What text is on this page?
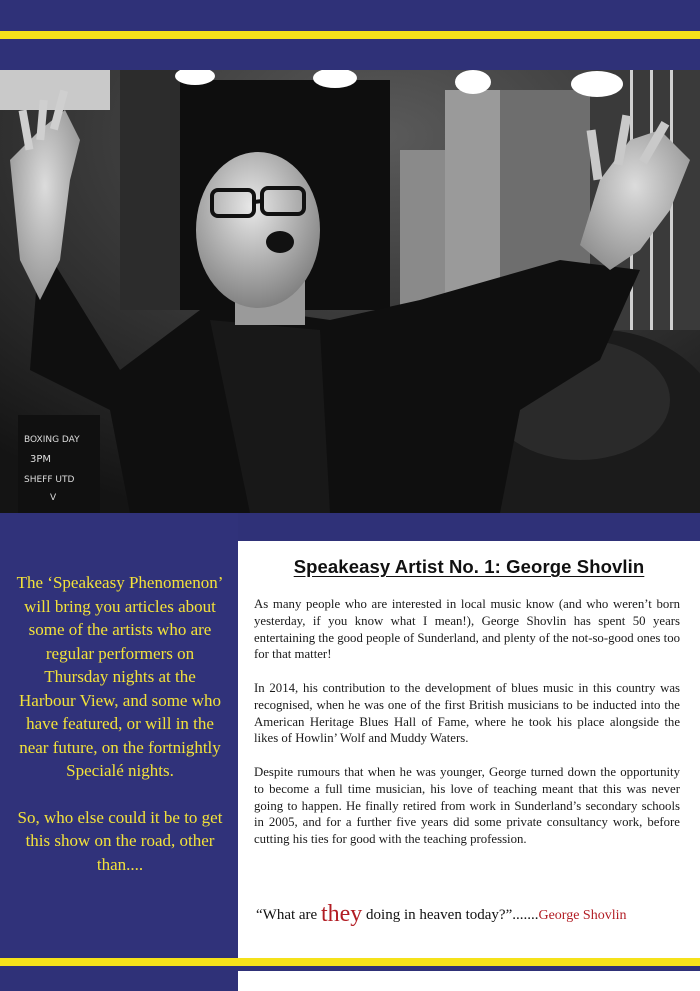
BOXING DAY
3PM
SHEFF UTD
V

The ‘Speakeasy Phenomenon’ will bring you articles about some of the artists who are regular performers on Thursday nights at the Harbour View, and some who have featured, or will in the near future, on the fortnightly Specialé nights.

So, who else could it be to get this show on the road, other than....

Speakeasy Artist No. 1: George Shovlin

As many people who are interested in local music know (and who weren’t born yesterday, if you know what I mean!), George Shovlin has spent 50 years entertaining the good people of Sunderland, and plenty of the not-so-good ones too for that matter!

In 2014, his contribution to the development of blues music in this country was recognised, when he was one of the first British musicians to be inducted into the American Heritage Blues Hall of Fame, where he took his place alongside the likes of Howlin’ Wolf and Muddy Waters.

Despite rumours that when he was younger, George turned down the opportunity to become a full time musician, his love of teaching meant that this was never going to happen. He finally retired from work in Sunderland’s secondary schools in 2005, and for a further five years did some private consultancy work, before cutting his ties for good with the teaching profession.

“What are they doing in heaven today?”.......George Shovlin
